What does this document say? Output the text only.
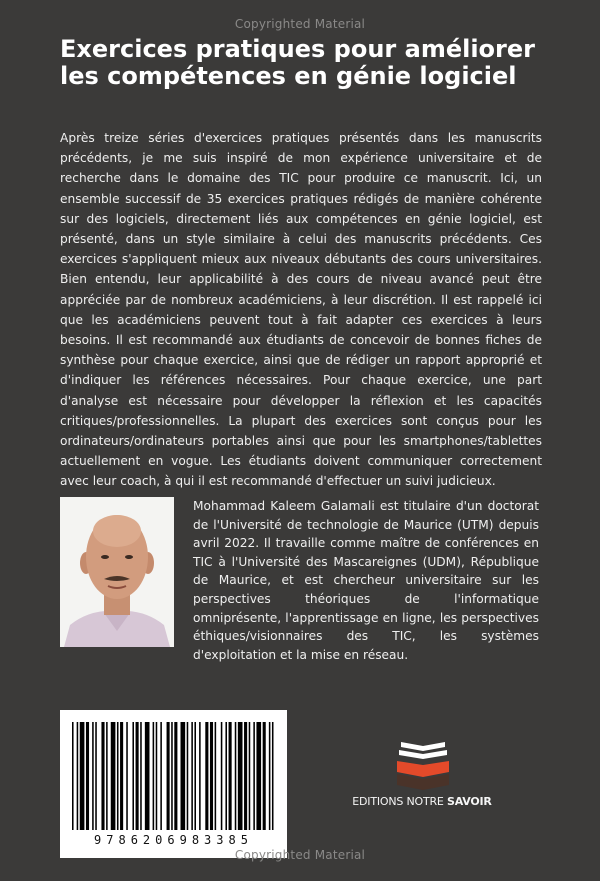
Copyrighted Material
Exercices pratiques pour améliorer les compétences en génie logiciel

Après treize séries d'exercices pratiques présentés dans les manuscrits précédents, je me suis inspiré de mon expérience universitaire et de recherche dans le domaine des TIC pour produire ce manuscrit. Ici, un ensemble successif de 35 exercices pratiques rédigés de manière cohérente sur des logiciels, directement liés aux compétences en génie logiciel, est présenté, dans un style similaire à celui des manuscrits précédents. Ces exercices s'appliquent mieux aux niveaux débutants des cours universitaires. Bien entendu, leur applicabilité à des cours de niveau avancé peut être appréciée par de nombreux académiciens, à leur discrétion. Il est rappelé ici que les académiciens peuvent tout à fait adapter ces exercices à leurs besoins. Il est recommandé aux étudiants de concevoir de bonnes fiches de synthèse pour chaque exercice, ainsi que de rédiger un rapport approprié et d'indiquer les références nécessaires. Pour chaque exercice, une part d'analyse est nécessaire pour développer la réflexion et les capacités critiques/professionnelles. La plupart des exercices sont conçus pour les ordinateurs/ordinateurs portables ainsi que pour les smartphones/tablettes actuellement en vogue. Les étudiants doivent communiquer correctement avec leur coach, à qui il est recommandé d'effectuer un suivi judicieux.

Mohammad Kaleem Galamali est titulaire d'un doctorat de l'Université de technologie de Maurice (UTM) depuis avril 2022. Il travaille comme maître de conférences en TIC à l'Université des Mascareignes (UDM), République de Maurice, et est chercheur universitaire sur les perspectives théoriques de l'informatique omniprésente, l'apprentissage en ligne, les perspectives éthiques/visionnaires des TIC, les systèmes d'exploitation et la mise en réseau.

9786206983385
EDITIONS NOTRE SAVOIR
Copyrighted Material
